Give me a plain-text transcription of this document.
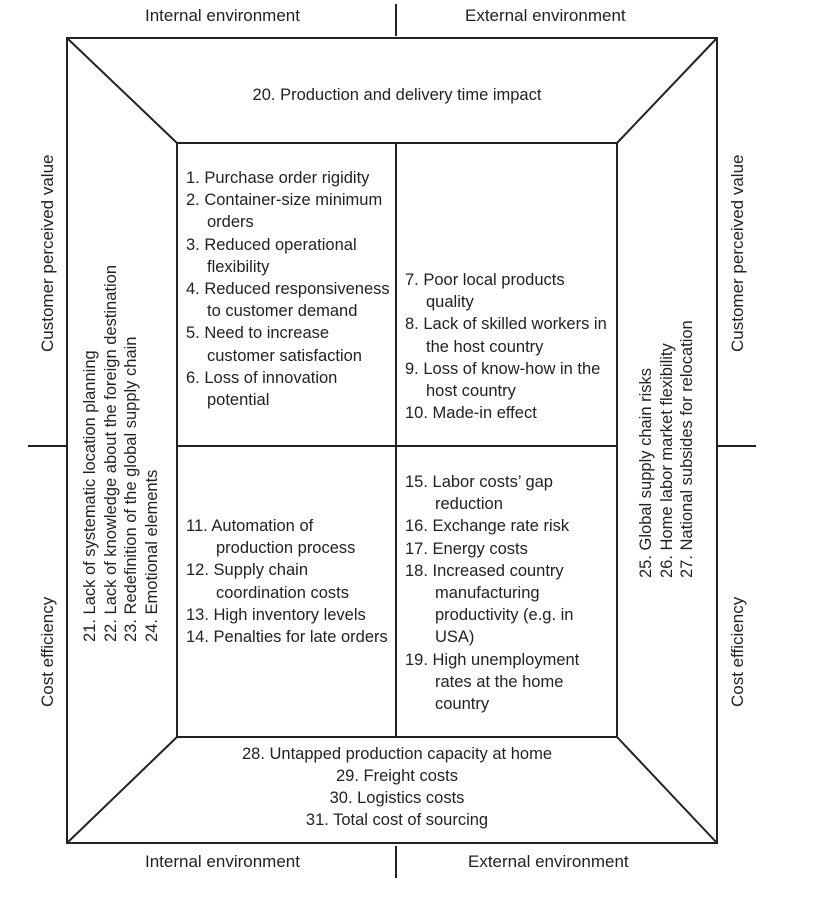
Internal environment	External environment
Internal environment	External environment
Customer perceived value
Cost efficiency
Customer perceived value
Cost efficiency
20. Production and delivery time impact
28. Untapped production capacity at home
29. Freight costs
30. Logistics costs
31. Total cost of sourcing
21. Lack of systematic location planning 22. Lack of knowledge about the foreign destination 23. Redefinition of the global supply chain 24. Emotional elements	25. Global supply chain risks 26. Home labor market flexibility 27. National subsides for relocation
1. Purchase order rigidity
2. Container-size minimum orders
3. Reduced operational flexibility
4. Reduced responsiveness to customer demand
5. Need to increase customer satisfaction
6. Loss of innovation potential
7. Poor local products quality
8. Lack of skilled workers in the host country
9. Loss of know-how in the host country
10. Made-in effect
11. Automation of production process
12. Supply chain coordination costs
13. High inventory levels
14. Penalties for late orders
15. Labor costs’ gap reduction
16. Exchange rate risk
17. Energy costs
18. Increased country manufacturing productivity (e.g. in USA)
19. High unemployment rates at the home country
